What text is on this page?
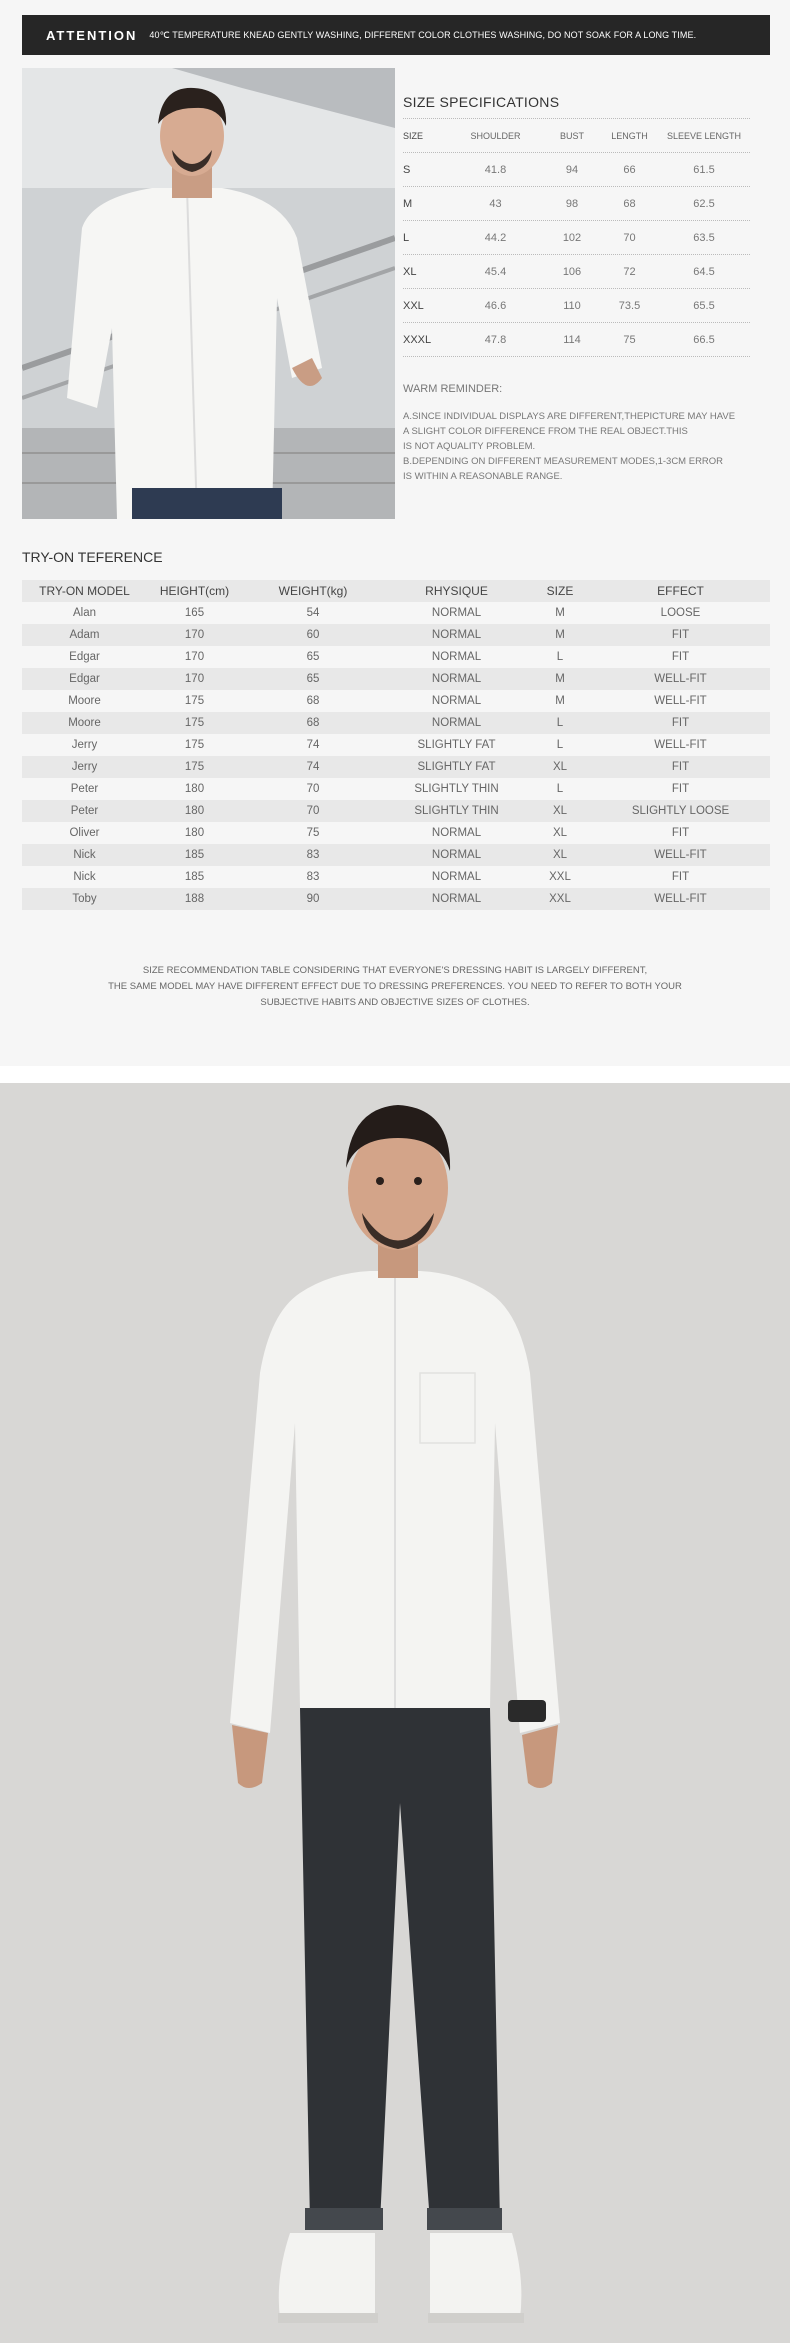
ATTENTION 40℃ TEMPERATURE KNEAD GENTLY WASHING, DIFFERENT COLOR CLOTHES WASHING, DO NOT SOAK FOR A LONG TIME.
SIZE SPECIFICATIONS
SIZE	SHOULDER	BUST	LENGTH	SLEEVE LENGTH
S	41.8	94	66	61.5
M	43	98	68	62.5
L	44.2	102	70	63.5
XL	45.4	106	72	64.5
XXL	46.6	110	73.5	65.5
XXXL	47.8	114	75	66.5
WARM REMINDER:
A.SINCE INDIVIDUAL DISPLAYS ARE DIFFERENT,THEPICTURE MAY HAVE
A SLIGHT COLOR DIFFERENCE FROM THE REAL OBJECT.THIS
IS NOT AQUALITY PROBLEM.
B.DEPENDING ON DIFFERENT MEASUREMENT MODES,1-3CM ERROR
IS WITHIN A REASONABLE RANGE.
TRY-ON TEFERENCE
TRY-ON MODEL	HEIGHT(cm)	WEIGHT(kg)	RHYSIQUE	SIZE	EFFECT
Alan	165	54	NORMAL	M	LOOSE
Adam	170	60	NORMAL	M	FIT
Edgar	170	65	NORMAL	L	FIT
Edgar	170	65	NORMAL	M	WELL-FIT
Moore	175	68	NORMAL	M	WELL-FIT
Moore	175	68	NORMAL	L	FIT
Jerry	175	74	SLIGHTLY FAT	L	WELL-FIT
Jerry	175	74	SLIGHTLY FAT	XL	FIT
Peter	180	70	SLIGHTLY THIN	L	FIT
Peter	180	70	SLIGHTLY THIN	XL	SLIGHTLY LOOSE
Oliver	180	75	NORMAL	XL	FIT
Nick	185	83	NORMAL	XL	WELL-FIT
Nick	185	83	NORMAL	XXL	FIT
Toby	188	90	NORMAL	XXL	WELL-FIT
SIZE RECOMMENDATION TABLE CONSIDERING THAT EVERYONE'S DRESSING HABIT IS LARGELY DIFFERENT,
THE SAME MODEL MAY HAVE DIFFERENT EFFECT DUE TO DRESSING PREFERENCES. YOU NEED TO REFER TO BOTH YOUR
SUBJECTIVE HABITS AND OBJECTIVE SIZES OF CLOTHES.
